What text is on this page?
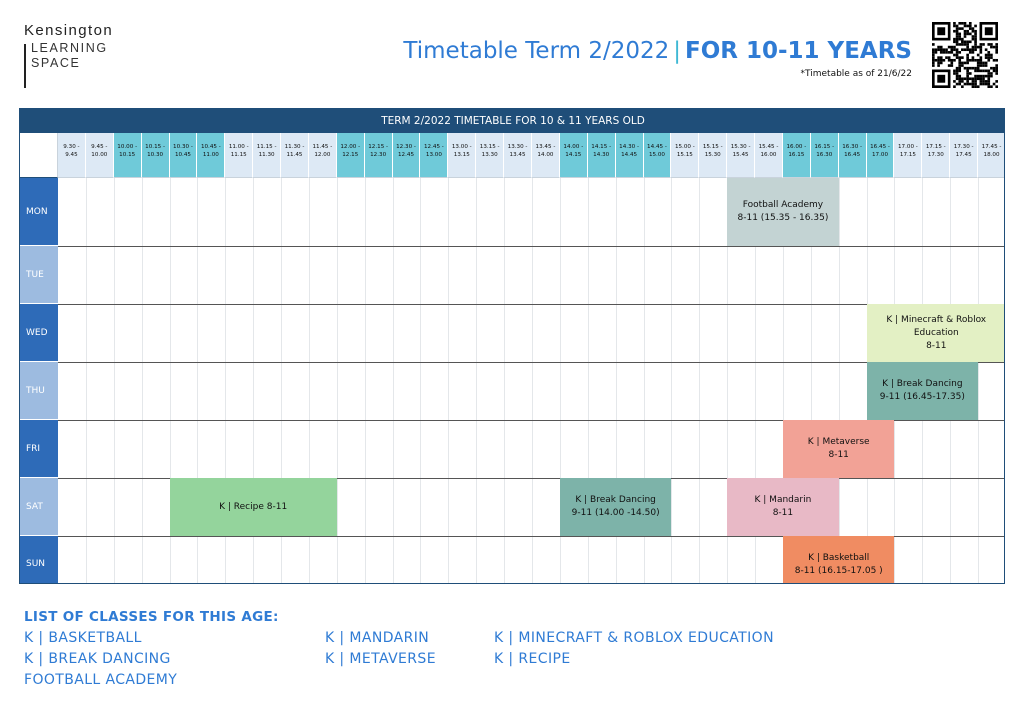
Kensington
LEARNING
SPACE	Timetable Term 2/2022 | FOR 10-11 YEARS
*Timetable as of 21/6/22
TERM 2/2022 TIMETABLE FOR 10 & 11 YEARS OLD
9.30 -
9.45
9.45 -
10.00
10.00 -
10.15
10.15 -
10.30
10.30 -
10.45
10.45 -
11.00
11.00 -
11.15
11.15 -
11.30
11.30 -
11.45
11.45 -
12.00
12.00 -
12.15
12.15 -
12.30
12.30 -
12.45
12.45 -
13.00
13.00 -
13.15
13.15 -
13.30
13.30 -
13.45
13.45 -
14.00
14.00 -
14.15
14.15 -
14.30
14.30 -
14.45
14.45 -
15.00
15.00 -
15.15
15.15 -
15.30
15.30 -
15.45
15.45 -
16.00
16.00 -
16.15
16.15 -
16.30
16.30 -
16.45
16.45 -
17.00
17.00 -
17.15
17.15 -
17.30
17.30 -
17.45
17.45 -
18.00
MON
TUE
WED
THU
FRI
SAT
SUN
Football Academy
8-11 (15.35 - 16.35)
K | Minecraft & Roblox
Education
8-11
K | Break Dancing
9-11 (16.45-17.35)
K | Metaverse
8-11
K | Recipe 8-11
K | Break Dancing
9-11 (14.00 -14.50)
K | Mandarin
8-11
K | Basketball
8-11 (16.15-17.05 )
LIST OF CLASSES FOR THIS AGE:
K | BASKETBALL
K | BREAK DANCING
FOOTBALL ACADEMY
K | MANDARIN
K | METAVERSE
K | MINECRAFT & ROBLOX EDUCATION
K | RECIPE
